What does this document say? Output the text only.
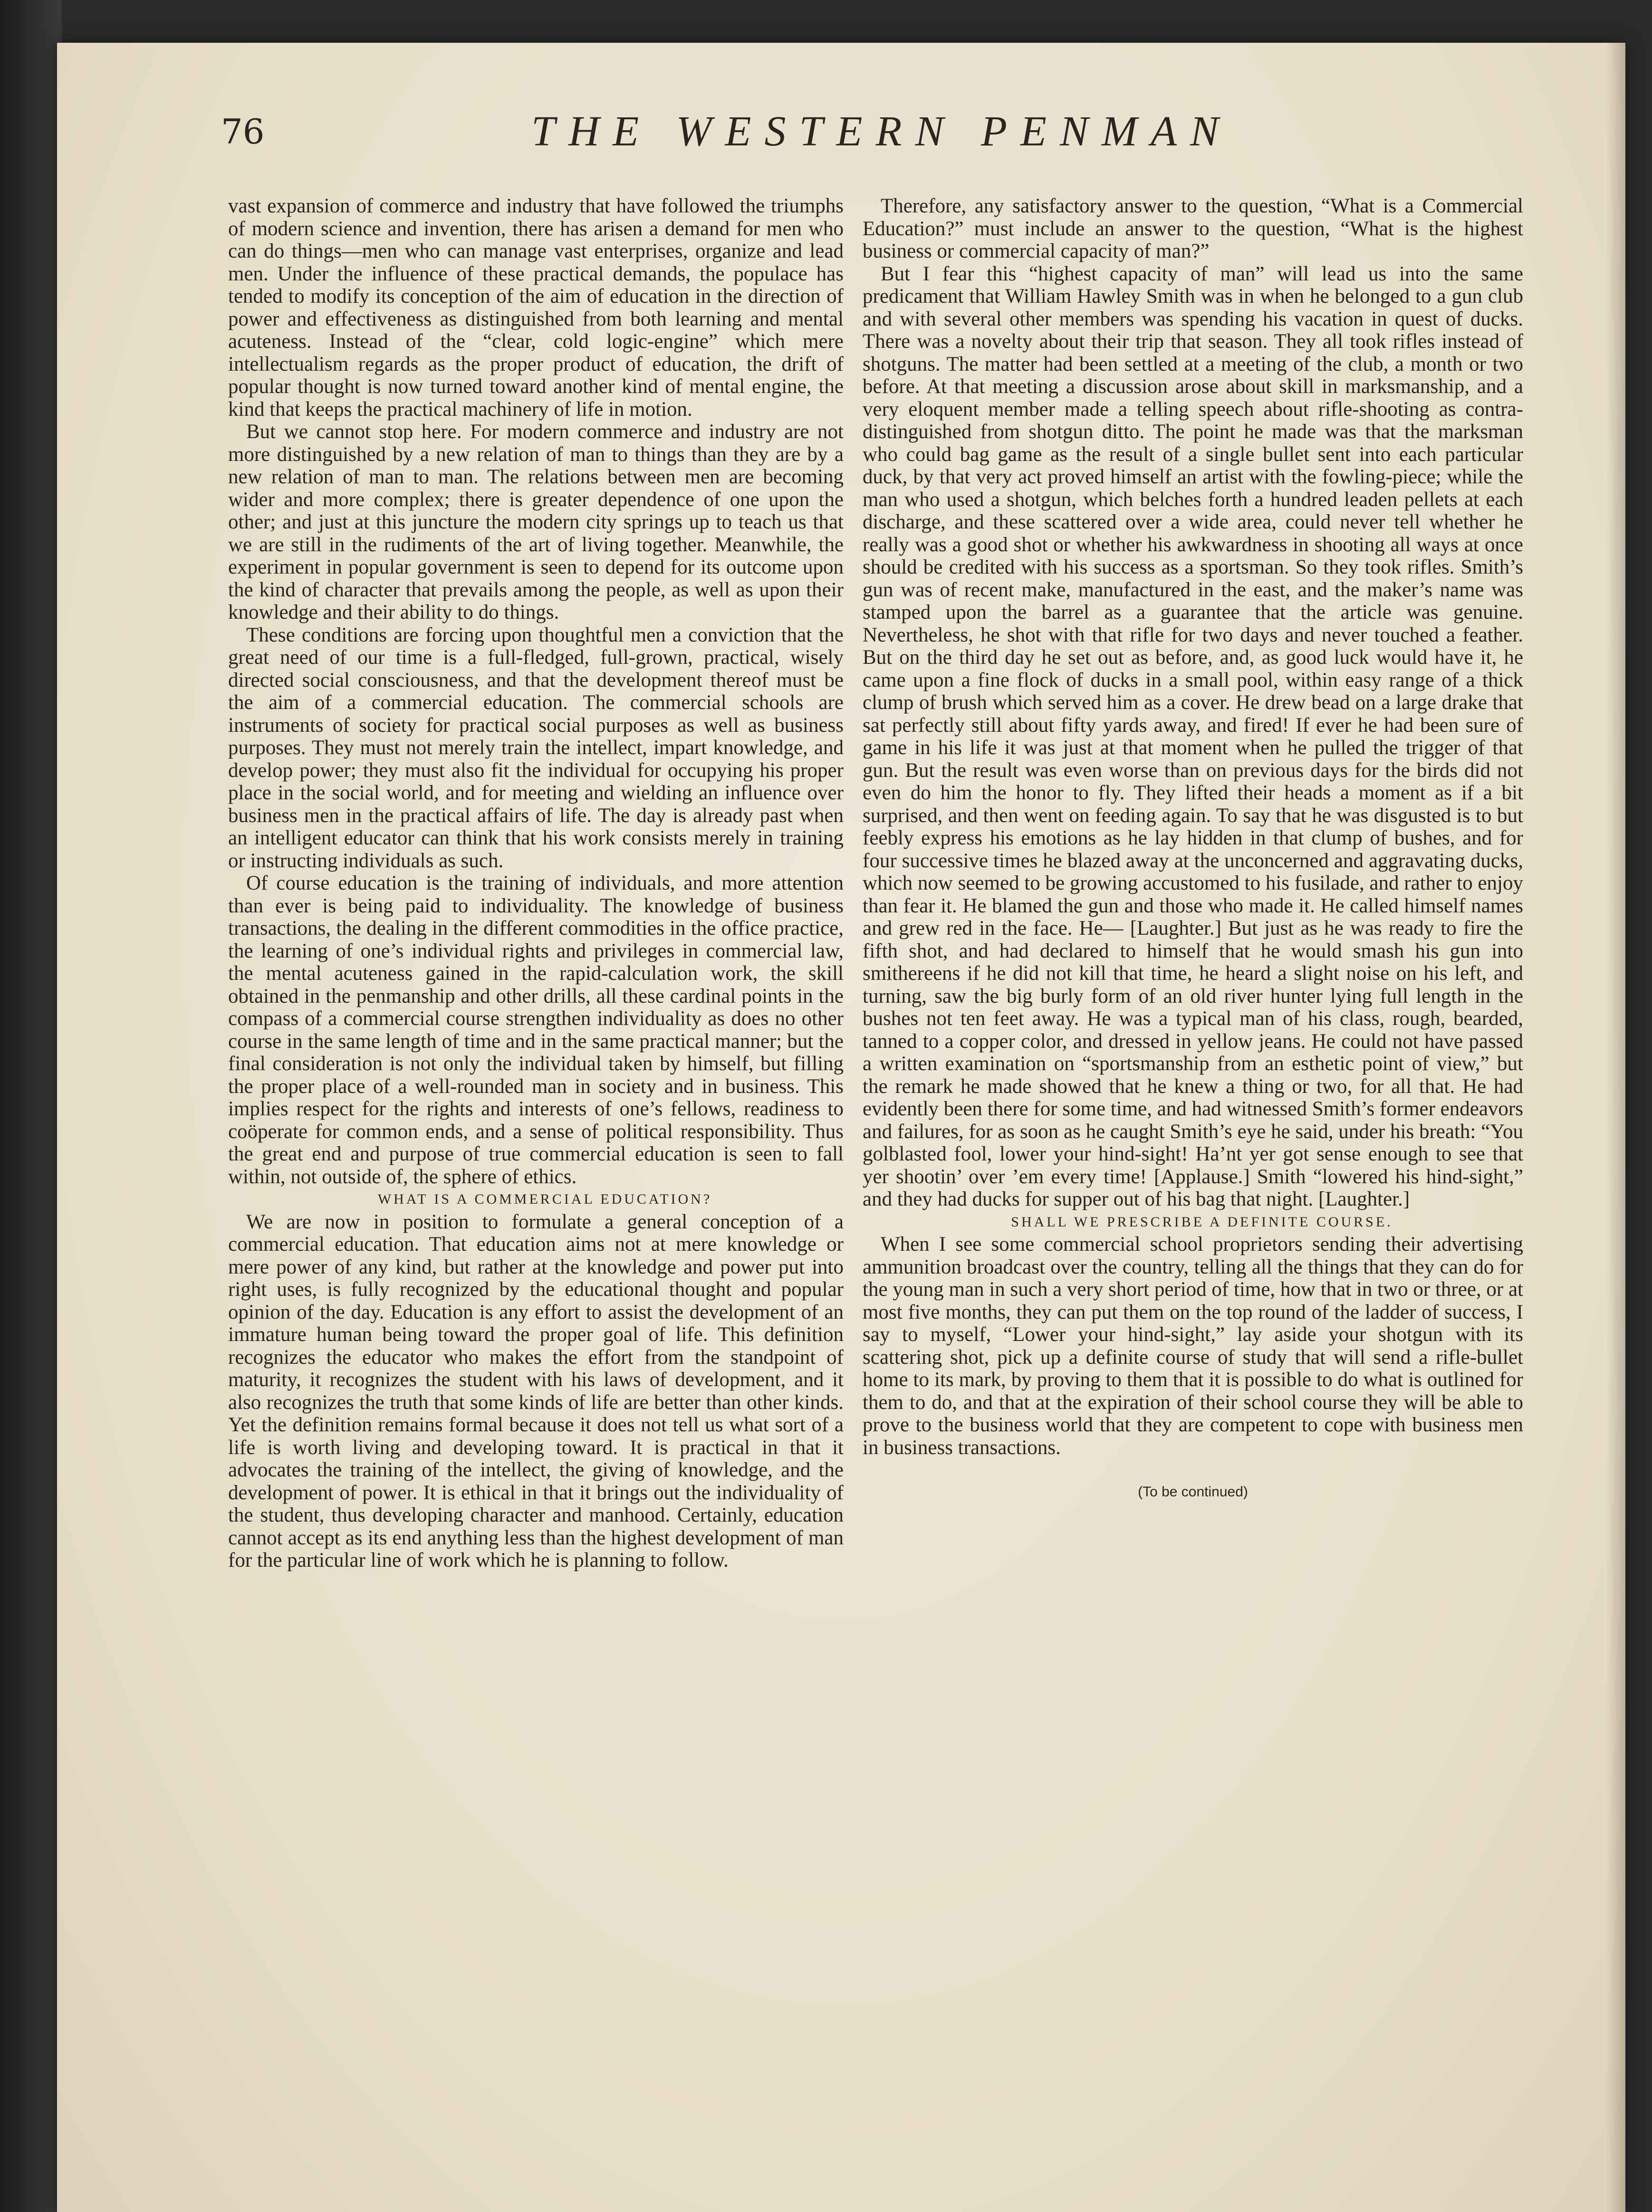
76	THE WESTERN PENMAN

vast expansion of commerce and industry that have followed the triumphs of modern science and invention, there has arisen a demand for men who can do things—men who can manage vast enterprises, organize and lead men. Under the influence of these practical demands, the populace has tended to modify its conception of the aim of education in the direction of power and effectiveness as distinguished from both learning and mental acuteness. Instead of the “clear, cold logic-engine” which mere intellectualism regards as the proper product of education, the drift of popular thought is now turned toward another kind of mental engine, the kind that keeps the practical machinery of life in motion.

But we cannot stop here. For modern commerce and industry are not more distinguished by a new relation of man to things than they are by a new relation of man to man. The relations between men are becoming wider and more complex; there is greater dependence of one upon the other; and just at this juncture the modern city springs up to teach us that we are still in the rudiments of the art of living together. Meanwhile, the experiment in popular government is seen to depend for its outcome upon the kind of character that prevails among the people, as well as upon their knowledge and their ability to do things.

These conditions are forcing upon thoughtful men a conviction that the great need of our time is a full-fledged, full-grown, practical, wisely directed social consciousness, and that the development thereof must be the aim of a commercial education. The commercial schools are instruments of society for practical social purposes as well as business purposes. They must not merely train the intellect, impart knowledge, and develop power; they must also fit the individual for occupying his proper place in the social world, and for meeting and wielding an influence over business men in the practical affairs of life. The day is already past when an intelligent educator can think that his work consists merely in training or instructing individuals as such.

Of course education is the training of individuals, and more attention than ever is being paid to individuality. The knowledge of business transactions, the dealing in the different commodities in the office practice, the learning of one’s individual rights and privileges in commercial law, the mental acuteness gained in the rapid-calculation work, the skill obtained in the penmanship and other drills, all these cardinal points in the compass of a commercial course strengthen individuality as does no other course in the same length of time and in the same practical manner; but the final consideration is not only the individual taken by himself, but filling the proper place of a well-rounded man in society and in business. This implies respect for the rights and interests of one’s fellows, readiness to coöperate for common ends, and a sense of political responsibility. Thus the great end and purpose of true commercial education is seen to fall within, not outside of, the sphere of ethics.

WHAT IS A COMMERCIAL EDUCATION?

We are now in position to formulate a general conception of a commercial education. That education aims not at mere knowledge or mere power of any kind, but rather at the knowledge and power put into right uses, is fully recognized by the educational thought and popular opinion of the day. Education is any effort to assist the development of an immature human being toward the proper goal of life. This definition recognizes the educator who makes the effort from the standpoint of maturity, it recognizes the student with his laws of development, and it also recognizes the truth that some kinds of life are better than other kinds. Yet the definition remains formal because it does not tell us what sort of a life is worth living and developing toward. It is practical in that it advocates the training of the intellect, the giving of knowledge, and the development of power. It is ethical in that it brings out the individuality of the student, thus developing character and manhood. Certainly, education cannot accept as its end anything less than the highest development of man for the particular line of work which he is planning to follow.

Therefore, any satisfactory answer to the question, “What is a Commercial Education?” must include an answer to the question, “What is the highest business or commercial capacity of man?”

But I fear this “highest capacity of man” will lead us into the same predicament that William Hawley Smith was in when he belonged to a gun club and with several other members was spending his vacation in quest of ducks. There was a novelty about their trip that season. They all took rifles instead of shotguns. The matter had been settled at a meeting of the club, a month or two before. At that meeting a discussion arose about skill in marksmanship, and a very eloquent member made a telling speech about rifle-shooting as contra-distinguished from shotgun ditto. The point he made was that the marksman who could bag game as the result of a single bullet sent into each particular duck, by that very act proved himself an artist with the fowling-piece; while the man who used a shotgun, which belches forth a hundred leaden pellets at each discharge, and these scattered over a wide area, could never tell whether he really was a good shot or whether his awkwardness in shooting all ways at once should be credited with his success as a sportsman. So they took rifles. Smith’s gun was of recent make, manufactured in the east, and the maker’s name was stamped upon the barrel as a guarantee that the article was genuine. Nevertheless, he shot with that rifle for two days and never touched a feather. But on the third day he set out as before, and, as good luck would have it, he came upon a fine flock of ducks in a small pool, within easy range of a thick clump of brush which served him as a cover. He drew bead on a large drake that sat perfectly still about fifty yards away, and fired! If ever he had been sure of game in his life it was just at that moment when he pulled the trigger of that gun. But the result was even worse than on previous days for the birds did not even do him the honor to fly. They lifted their heads a moment as if a bit surprised, and then went on feeding again. To say that he was disgusted is to but feebly express his emotions as he lay hidden in that clump of bushes, and for four successive times he blazed away at the unconcerned and aggravating ducks, which now seemed to be growing accustomed to his fusilade, and rather to enjoy than fear it. He blamed the gun and those who made it. He called himself names and grew red in the face. He— [Laughter.] But just as he was ready to fire the fifth shot, and had declared to himself that he would smash his gun into smithereens if he did not kill that time, he heard a slight noise on his left, and turning, saw the big burly form of an old river hunter lying full length in the bushes not ten feet away. He was a typical man of his class, rough, bearded, tanned to a copper color, and dressed in yellow jeans. He could not have passed a written examination on “sportsmanship from an esthetic point of view,” but the remark he made showed that he knew a thing or two, for all that. He had evidently been there for some time, and had witnessed Smith’s former endeavors and failures, for as soon as he caught Smith’s eye he said, under his breath: “You golblasted fool, lower your hind-sight! Ha’nt yer got sense enough to see that yer shootin’ over ’em every time! [Applause.] Smith “lowered his hind-sight,” and they had ducks for supper out of his bag that night. [Laughter.]

SHALL WE PRESCRIBE A DEFINITE COURSE.

When I see some commercial school proprietors sending their advertising ammunition broadcast over the country, telling all the things that they can do for the young man in such a very short period of time, how that in two or three, or at most five months, they can put them on the top round of the ladder of success, I say to myself, “Lower your hind-sight,” lay aside your shotgun with its scattering shot, pick up a definite course of study that will send a rifle-bullet home to its mark, by proving to them that it is possible to do what is outlined for them to do, and that at the expiration of their school course they will be able to prove to the business world that they are competent to cope with business men in business transactions.

(To be continued)
